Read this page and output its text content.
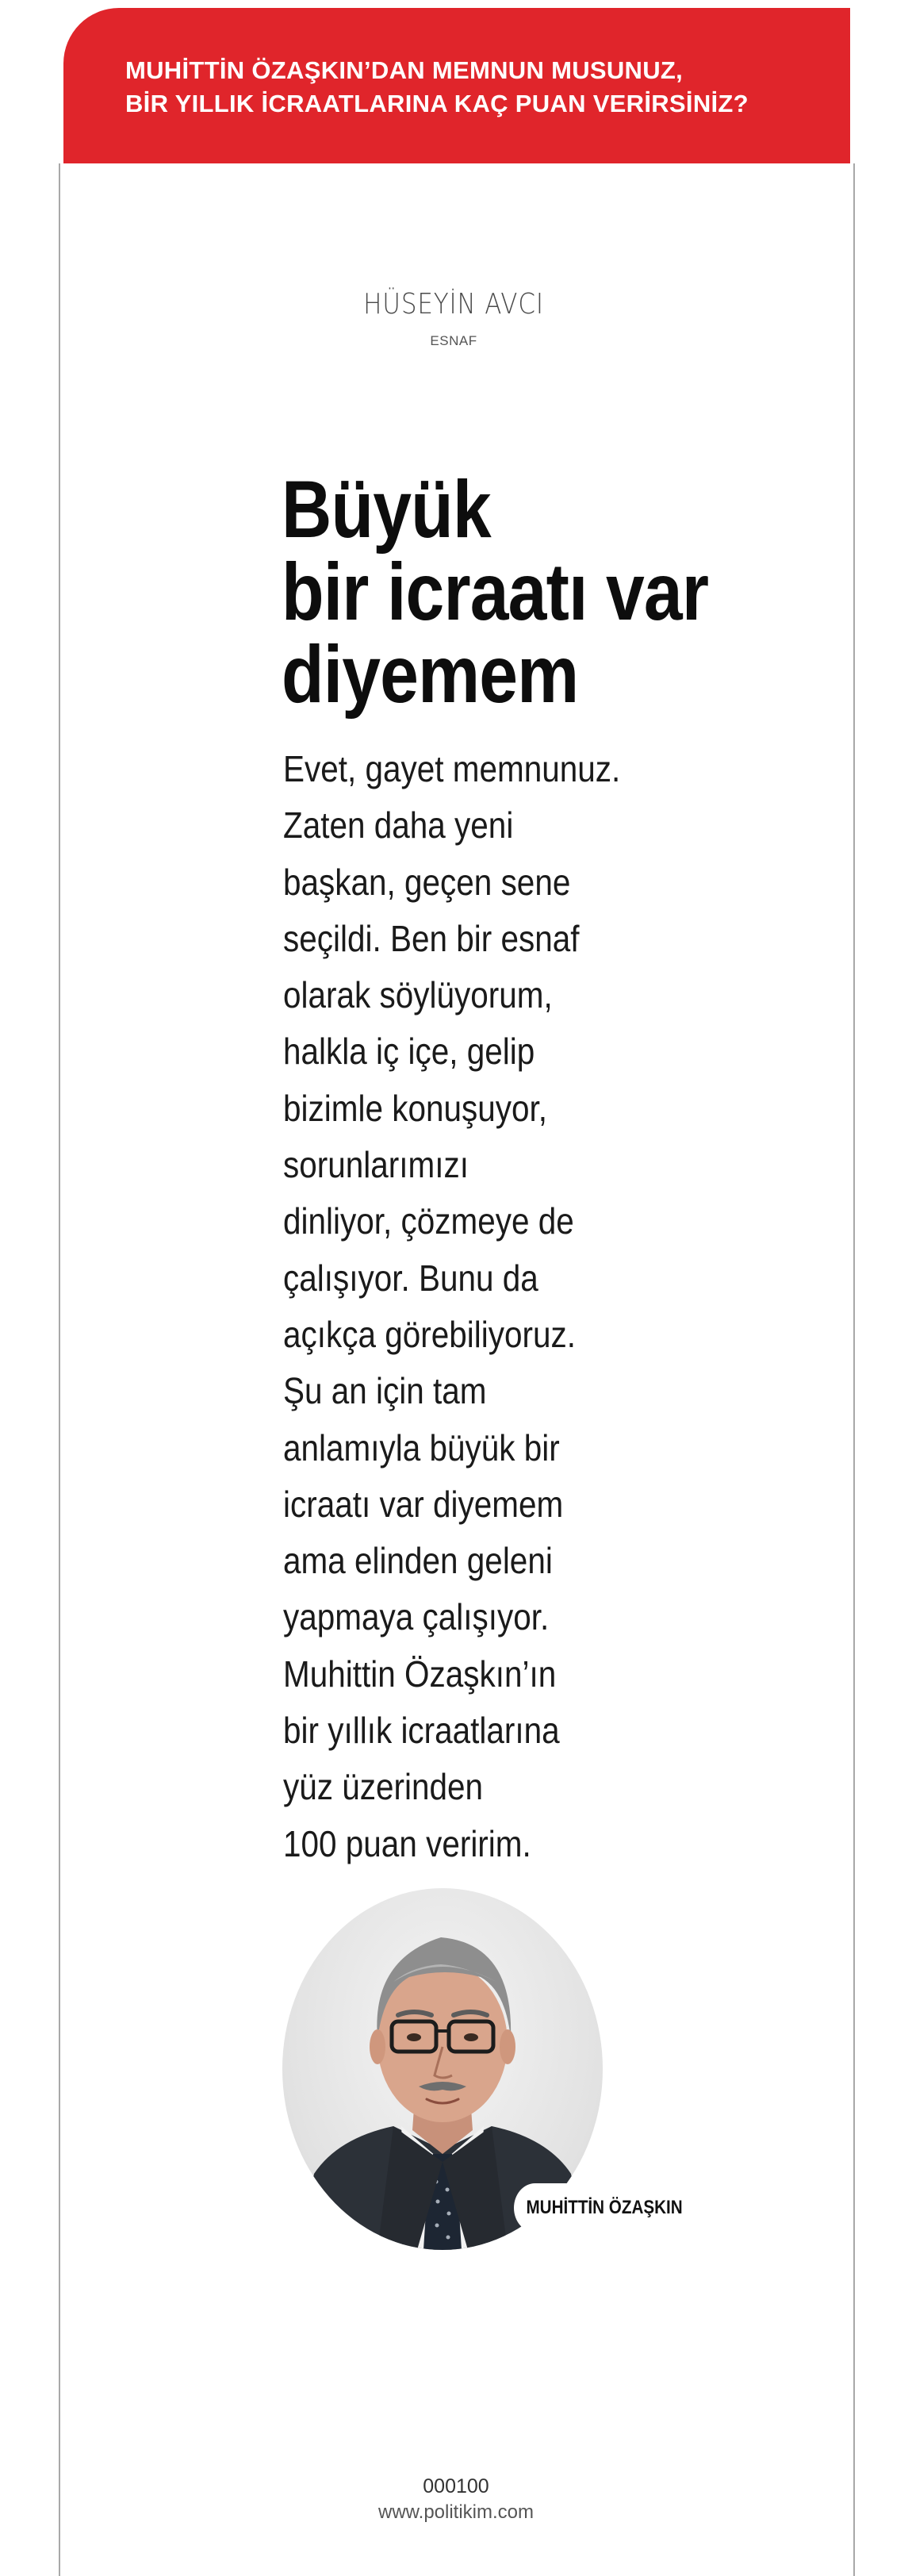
MUHİTTİN ÖZAŞKIN’DAN MEMNUN MUSUNUZ,
BİR YILLIK İCRAATLARINA KAÇ PUAN VERİRSİNİZ?
HÜSEYİN AVCI
ESNAF
Büyük
bir icraatı var
diyemem
Evet, gayet memnunuz.
Zaten daha yeni
başkan, geçen sene
seçildi. Ben bir esnaf
olarak söylüyorum,
halkla iç içe, gelip
bizimle konuşuyor,
sorunlarımızı
dinliyor, çözmeye de
çalışıyor. Bunu da
açıkça görebiliyoruz.
Şu an için tam
anlamıyla büyük bir
icraatı var diyemem
ama elinden geleni
yapmaya çalışıyor.
Muhittin Özaşkın’ın
bir yıllık icraatlarına
yüz üzerinden
100 puan veririm.
MUHİTTİN ÖZAŞKIN
000100
www.politikim.com
